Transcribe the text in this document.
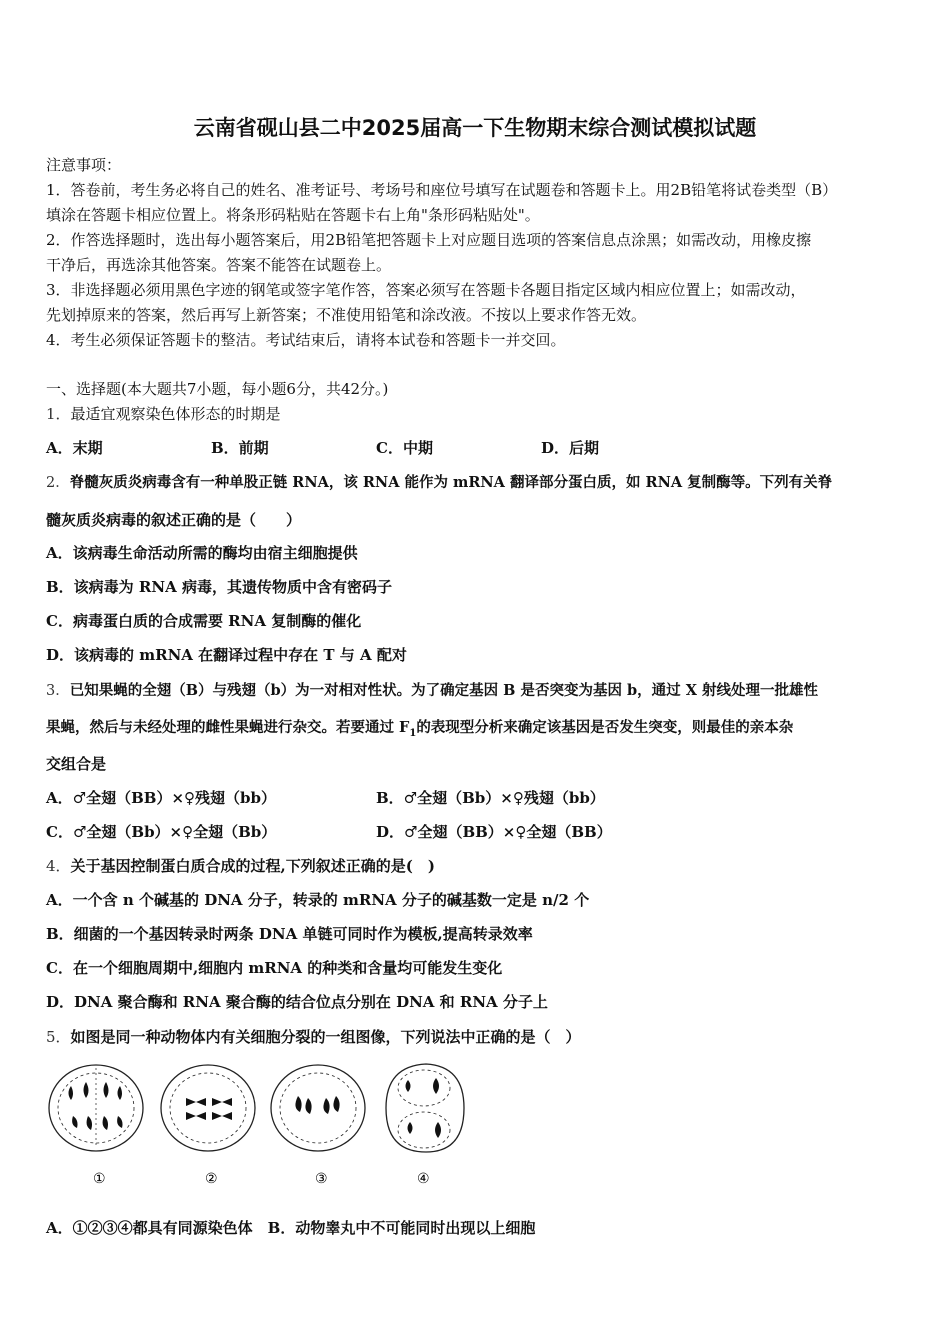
云南省砚山县二中2025届高一下生物期末综合测试模拟试题
注意事项：
1．答卷前，考生务必将自己的姓名、准考证号、考场号和座位号填写在试题卷和答题卡上。用2B铅笔将试卷类型（B）
填涂在答题卡相应位置上。将条形码粘贴在答题卡右上角"条形码粘贴处"。
2．作答选择题时，选出每小题答案后，用2B铅笔把答题卡上对应题目选项的答案信息点涂黑；如需改动，用橡皮擦
干净后，再选涂其他答案。答案不能答在试题卷上。
3．非选择题必须用黑色字迹的钢笔或签字笔作答，答案必须写在答题卡各题目指定区域内相应位置上；如需改动，
先划掉原来的答案，然后再写上新答案；不准使用铅笔和涂改液。不按以上要求作答无效。
4．考生必须保证答题卡的整洁。考试结束后，请将本试卷和答题卡一并交回。
一、选择题(本大题共7小题，每小题6分，共42分。)
1．最适宜观察染色体形态的时期是
A．末期	B．前期	C．中期	D．后期
2．脊髓灰质炎病毒含有一种单股正链 RNA，该 RNA 能作为 mRNA 翻译部分蛋白质，如 RNA 复制酶等。下列有关脊
髓灰质炎病毒的叙述正确的是（　　）
A．该病毒生命活动所需的酶均由宿主细胞提供
B．该病毒为 RNA 病毒，其遗传物质中含有密码子
C．病毒蛋白质的合成需要 RNA 复制酶的催化
D．该病毒的 mRNA 在翻译过程中存在 T 与 A 配对
3．已知果蝇的全翅（B）与残翅（b）为一对相对性状。为了确定基因 B 是否突变为基因 b，通过 X 射线处理一批雄性
果蝇，然后与未经处理的雌性果蝇进行杂交。若要通过 $F_1$的表现型分析来确定该基因是否发生突变，则最佳的亲本杂
交组合是
A．♂全翅（BB）×♀残翅（bb）	B．♂全翅（Bb）×♀残翅（bb）
C．♂全翅（Bb）×♀全翅（Bb）	D．♂全翅（BB）×♀全翅（BB）
4．关于基因控制蛋白质合成的过程,下列叙述正确的是(　)
A．一个含 n 个碱基的 DNA 分子，转录的 mRNA 分子的碱基数一定是 n/2 个
B．细菌的一个基因转录时两条 DNA 单链可同时作为模板,提高转录效率
C．在一个细胞周期中,细胞内 mRNA 的种类和含量均可能发生变化
D．DNA 聚合酶和 RNA 聚合酶的结合位点分别在 DNA 和 RNA 分子上
5．如图是同一种动物体内有关细胞分裂的一组图像，下列说法中正确的是（　）
①	②	③	④
A．①②③④都具有同源染色体　B．动物睾丸中不可能同时出现以上细胞
